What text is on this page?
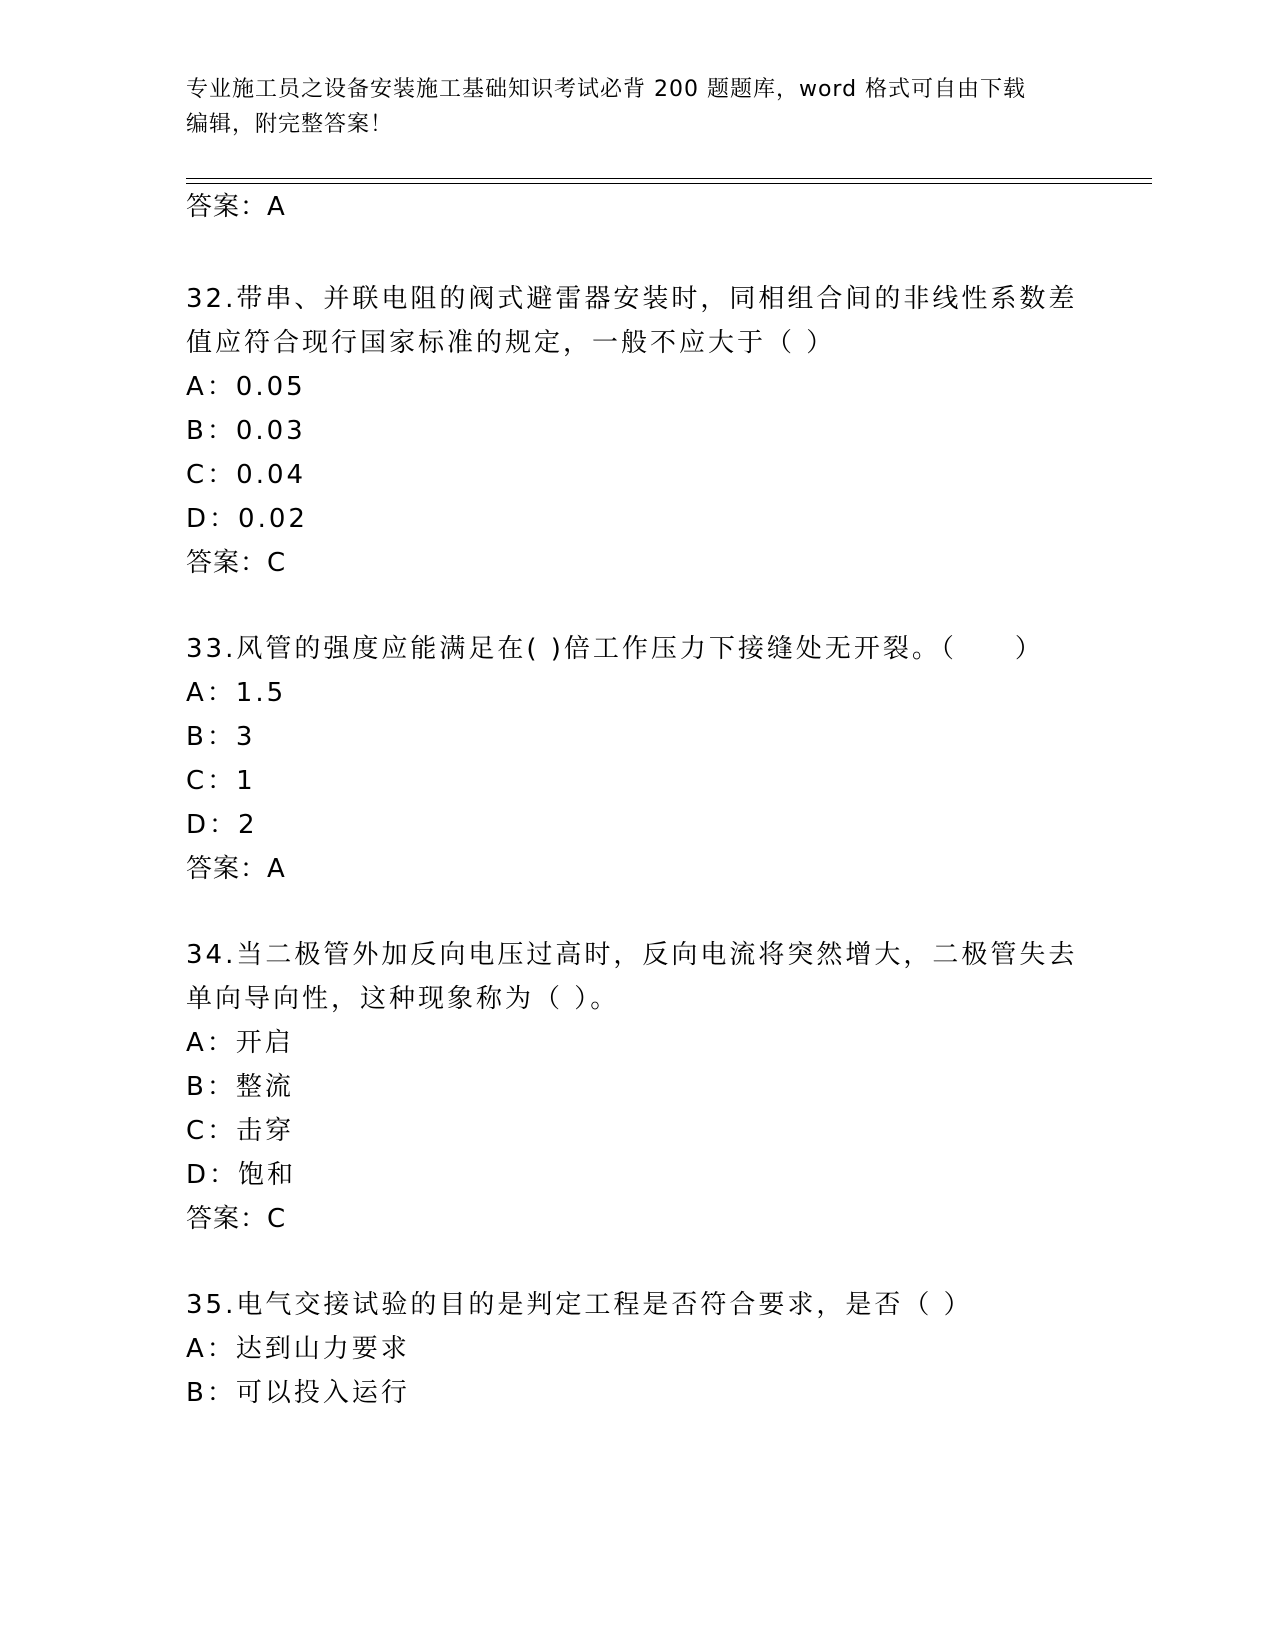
专业施工员之设备安装施工基础知识考试必背 200 题题库，word 格式可自由下载
编辑，附完整答案！
答案：A
32.带串、并联电阻的阀式避雷器安装时，同相组合间的非线性系数差
值应符合现行国家标准的规定，一般不应大于（ ）
A：0.05
B：0.03
C：0.04
D：0.02
答案：C
33.风管的强度应能满足在( )倍工作压力下接缝处无开裂。（　　）
A：1.5
B：3
C：1
D：2
答案：A
34.当二极管外加反向电压过高时，反向电流将突然增大，二极管失去
单向导向性，这种现象称为（ ）。
A：开启
B：整流
C：击穿
D：饱和
答案：C
35.电气交接试验的目的是判定工程是否符合要求，是否（ ）
A：达到山力要求
B：可以投入运行
